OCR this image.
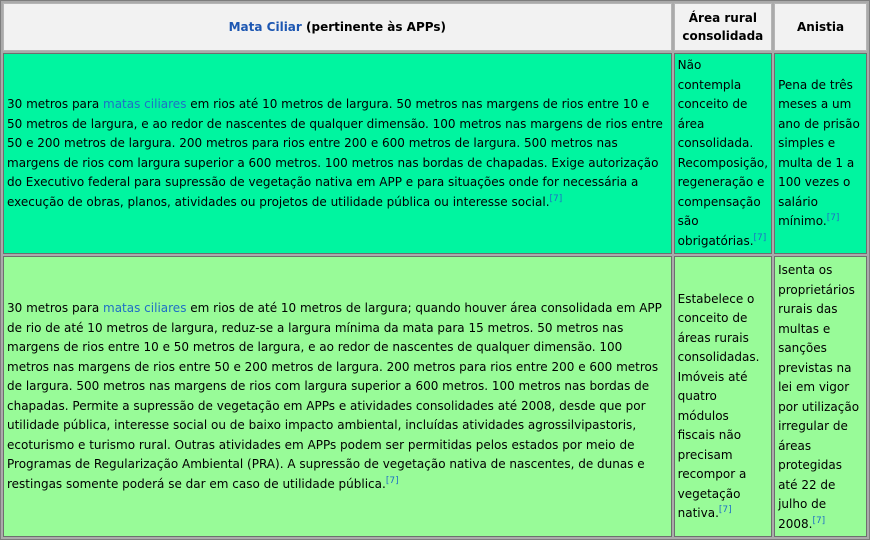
Mata Ciliar (pertinente às APPs)	Área rural consolidada	Anistia
30 metros para matas ciliares em rios até 10 metros de largura. 50 metros nas margens de rios entre 10 e 50 metros de largura, e ao redor de nascentes de qualquer dimensão. 100 metros nas margens de rios entre 50 e 200 metros de largura. 200 metros para rios entre 200 e 600 metros de largura. 500 metros nas margens de rios com largura superior a 600 metros. 100 metros nas bordas de chapadas. Exige autorização do Executivo federal para supressão de vegetação nativa em APP e para situações onde for necessária a execução de obras, planos, atividades ou projetos de utilidade pública ou interesse social.[7]	Não contempla conceito de área consolidada. Recomposição, regeneração e compensação são obrigatórias.[7]	Pena de três meses a um ano de prisão simples e multa de 1 a 100 vezes o salário mínimo.[7]
30 metros para matas ciliares em rios de até 10 metros de largura; quando houver área consolidada em APP de rio de até 10 metros de largura, reduz-se a largura mínima da mata para 15 metros. 50 metros nas margens de rios entre 10 e 50 metros de largura, e ao redor de nascentes de qualquer dimensão. 100 metros nas margens de rios entre 50 e 200 metros de largura. 200 metros para rios entre 200 e 600 metros de largura. 500 metros nas margens de rios com largura superior a 600 metros. 100 metros nas bordas de chapadas. Permite a supressão de vegetação em APPs e atividades consolidades até 2008, desde que por utilidade pública, interesse social ou de baixo impacto ambiental, incluídas atividades agrossilvipastoris, ecoturismo e turismo rural. Outras atividades em APPs podem ser permitidas pelos estados por meio de Programas de Regularização Ambiental (PRA). A supressão de vegetação nativa de nascentes, de dunas e restingas somente poderá se dar em caso de utilidade pública.[7]	Estabelece o conceito de áreas rurais consolidadas. Imóveis até quatro módulos fiscais não precisam recompor a vegetação nativa.[7]	Isenta os proprietários rurais das multas e sanções previstas na lei em vigor por utilização irregular de áreas protegidas até 22 de julho de 2008.[7]
